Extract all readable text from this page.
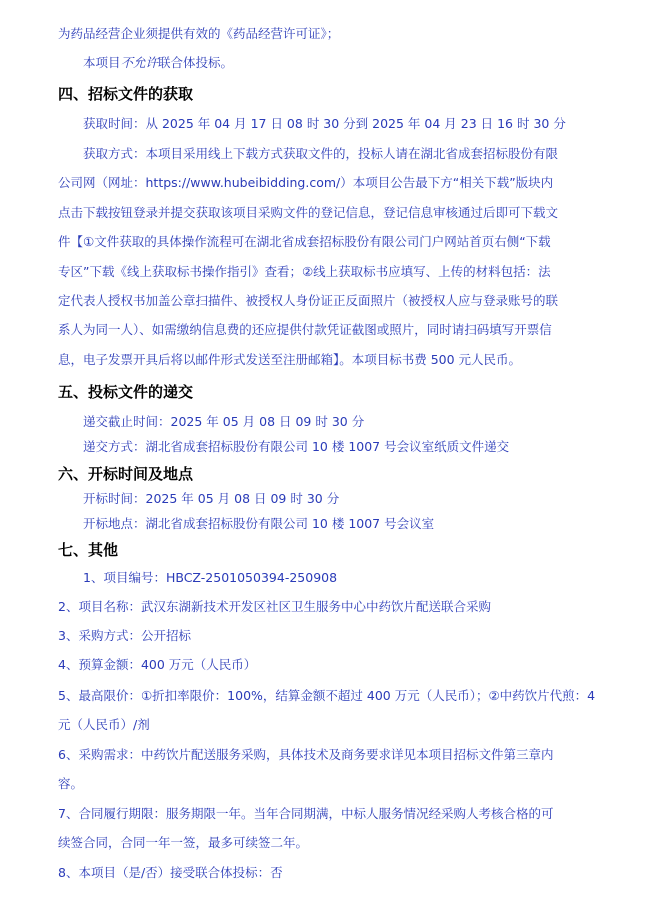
为药品经营企业须提供有效的《药品经营许可证》；
本项目不允许联合体投标。
四、招标文件的获取
获取时间：从 2025 年 04 月 17 日 08 时 30 分到 2025 年 04 月 23 日 16 时 30 分
获取方式：本项目采用线上下载方式获取文件的，投标人请在湖北省成套招标股份有限
公司网（网址：https://www.hubeibidding.com/）本项目公告最下方“相关下载”版块内
点击下载按钮登录并提交获取该项目采购文件的登记信息，登记信息审核通过后即可下载文
件【①文件获取的具体操作流程可在湖北省成套招标股份有限公司门户网站首页右侧“下载
专区”下载《线上获取标书操作指引》查看；②线上获取标书应填写、上传的材料包括：法
定代表人授权书加盖公章扫描件、被授权人身份证正反面照片（被授权人应与登录账号的联
系人为同一人）、如需缴纳信息费的还应提供付款凭证截图或照片，同时请扫码填写开票信
息，电子发票开具后将以邮件形式发送至注册邮箱】。本项目标书费 500 元人民币。
五、投标文件的递交
递交截止时间：2025 年 05 月 08 日 09 时 30 分
递交方式：湖北省成套招标股份有限公司 10 楼 1007 号会议室纸质文件递交
六、开标时间及地点
开标时间：2025 年 05 月 08 日 09 时 30 分
开标地点：湖北省成套招标股份有限公司 10 楼 1007 号会议室
七、其他
1、项目编号：HBCZ-2501050394-250908
2、项目名称：武汉东湖新技术开发区社区卫生服务中心中药饮片配送联合采购
3、采购方式：公开招标
4、预算金额：400 万元（人民币）
5、最高限价：①折扣率限价：100%，结算金额不超过 400 万元（人民币）；②中药饮片代煎：4
元（人民币）/剂
6、采购需求：中药饮片配送服务采购，具体技术及商务要求详见本项目招标文件第三章内
容。
7、合同履行期限：服务期限一年。当年合同期满，中标人服务情况经采购人考核合格的可
续签合同，合同一年一签，最多可续签二年。
8、本项目（是/否）接受联合体投标：否
